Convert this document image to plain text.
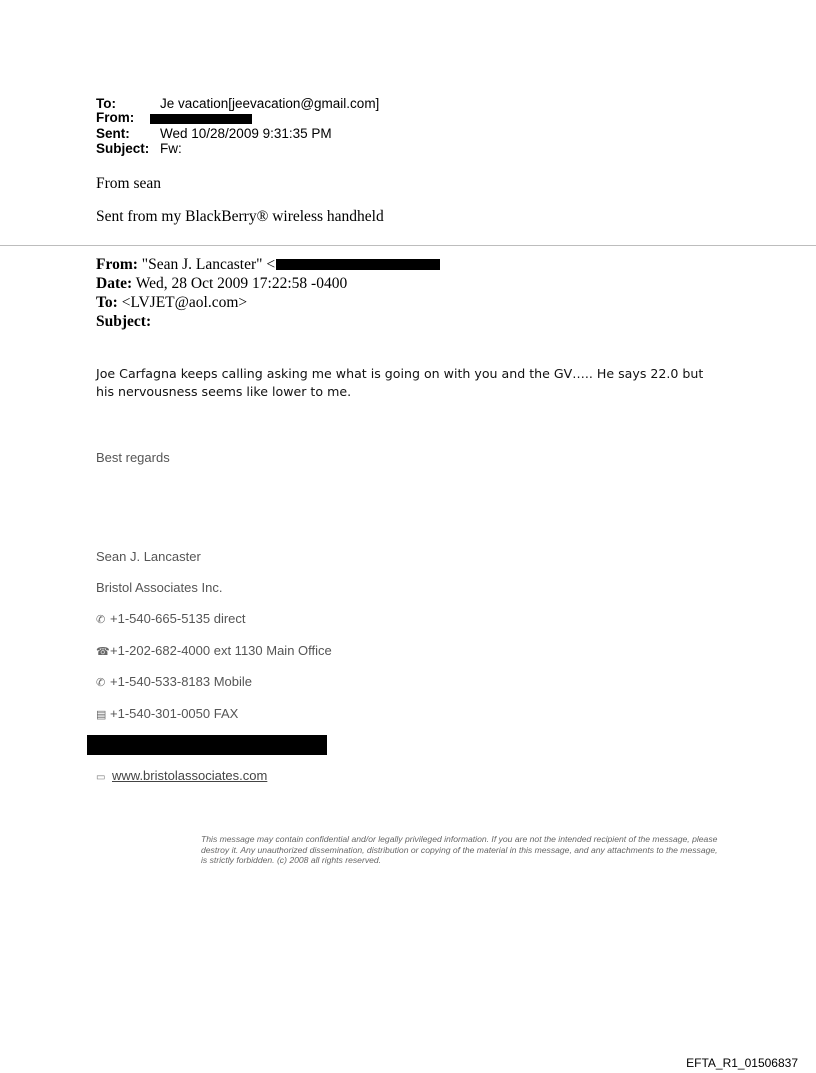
To:	Je vacation[jeevacation@gmail.com]
From:
Sent: Wed 10/28/2009 9:31:35 PM
Subject: Fw:
From sean
Sent from my BlackBerry® wireless handheld
From: "Sean J. Lancaster" <
Date: Wed, 28 Oct 2009 17:22:58 -0400
To: <LVJET@aol.com>
Subject:
Joe Carfagna keeps calling asking me what is going on with you and the GV….. He says 22.0 but his nervousness seems like lower to me.
Best regards
Sean J. Lancaster
Bristol Associates Inc.
✆ +1-540-665-5135 direct
☎+1-202-682-4000 ext 1130 Main Office
✆ +1-540-533-8183 Mobile
▤ +1-540-301-0050 FAX
▭ www.bristolassociates.com
This message may contain confidential and/or legally privileged information. If you are not the intended recipient of the message, please destroy it. Any unauthorized dissemination, distribution or copying of the material in this message, and any attachments to the message, is strictly forbidden. (c) 2008 all rights reserved.
EFTA_R1_01506837
